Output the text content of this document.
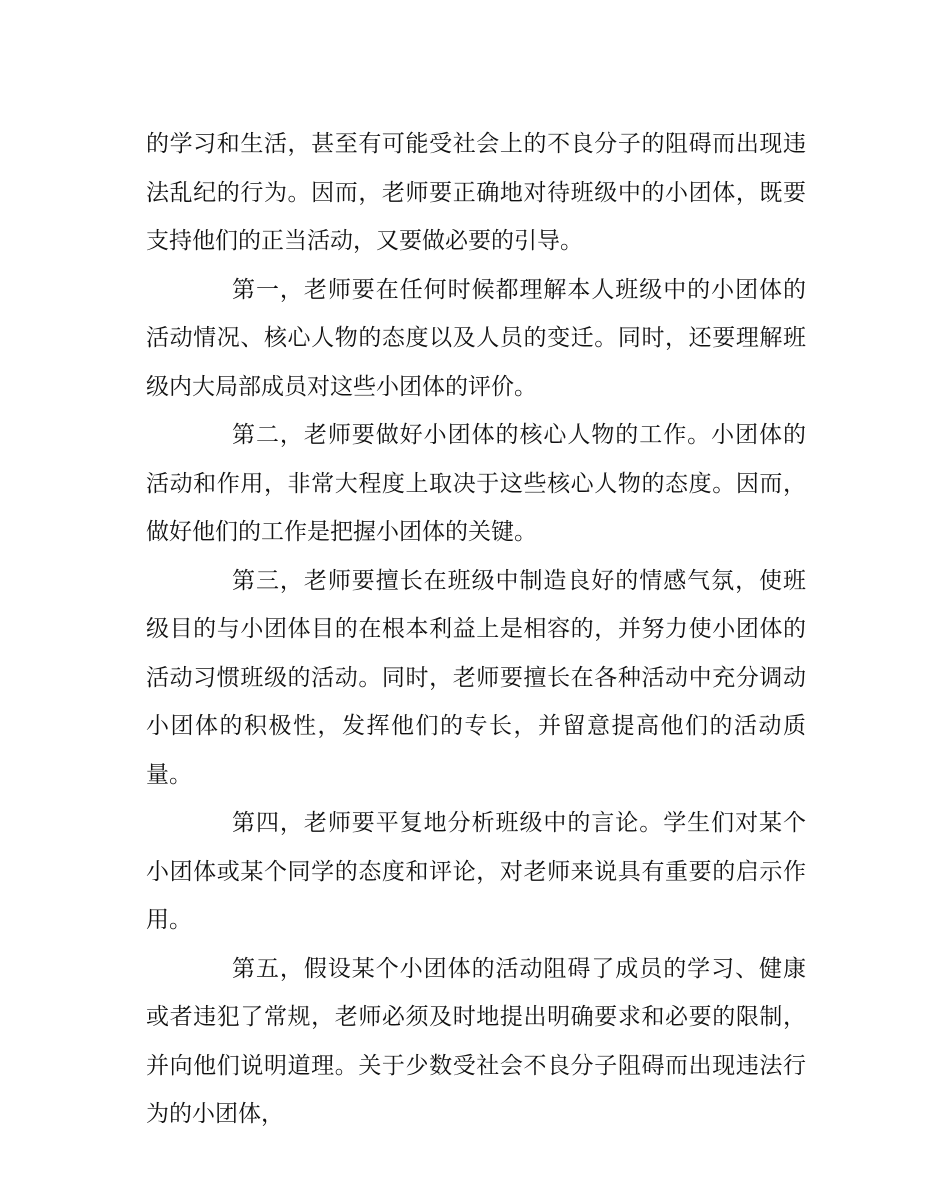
的学习和生活，甚至有可能受社会上的不良分子的阻碍而出现违法乱纪的行为。因而，老师要正确地对待班级中的小团体，既要支持他们的正当活动，又要做必要的引导。

第一，老师要在任何时候都理解本人班级中的小团体的活动情况、核心人物的态度以及人员的变迁。同时，还要理解班级内大局部成员对这些小团体的评价。

第二，老师要做好小团体的核心人物的工作。小团体的活动和作用，非常大程度上取决于这些核心人物的态度。因而，做好他们的工作是把握小团体的关键。

第三，老师要擅长在班级中制造良好的情感气氛，使班级目的与小团体目的在根本利益上是相容的，并努力使小团体的活动习惯班级的活动。同时，老师要擅长在各种活动中充分调动小团体的积极性，发挥他们的专长，并留意提高他们的活动质量。

第四，老师要平复地分析班级中的言论。学生们对某个小团体或某个同学的态度和评论，对老师来说具有重要的启示作用。

第五，假设某个小团体的活动阻碍了成员的学习、健康或者违犯了常规，老师必须及时地提出明确要求和必要的限制，并向他们说明道理。关于少数受社会不良分子阻碍而出现违法行为的小团体，
